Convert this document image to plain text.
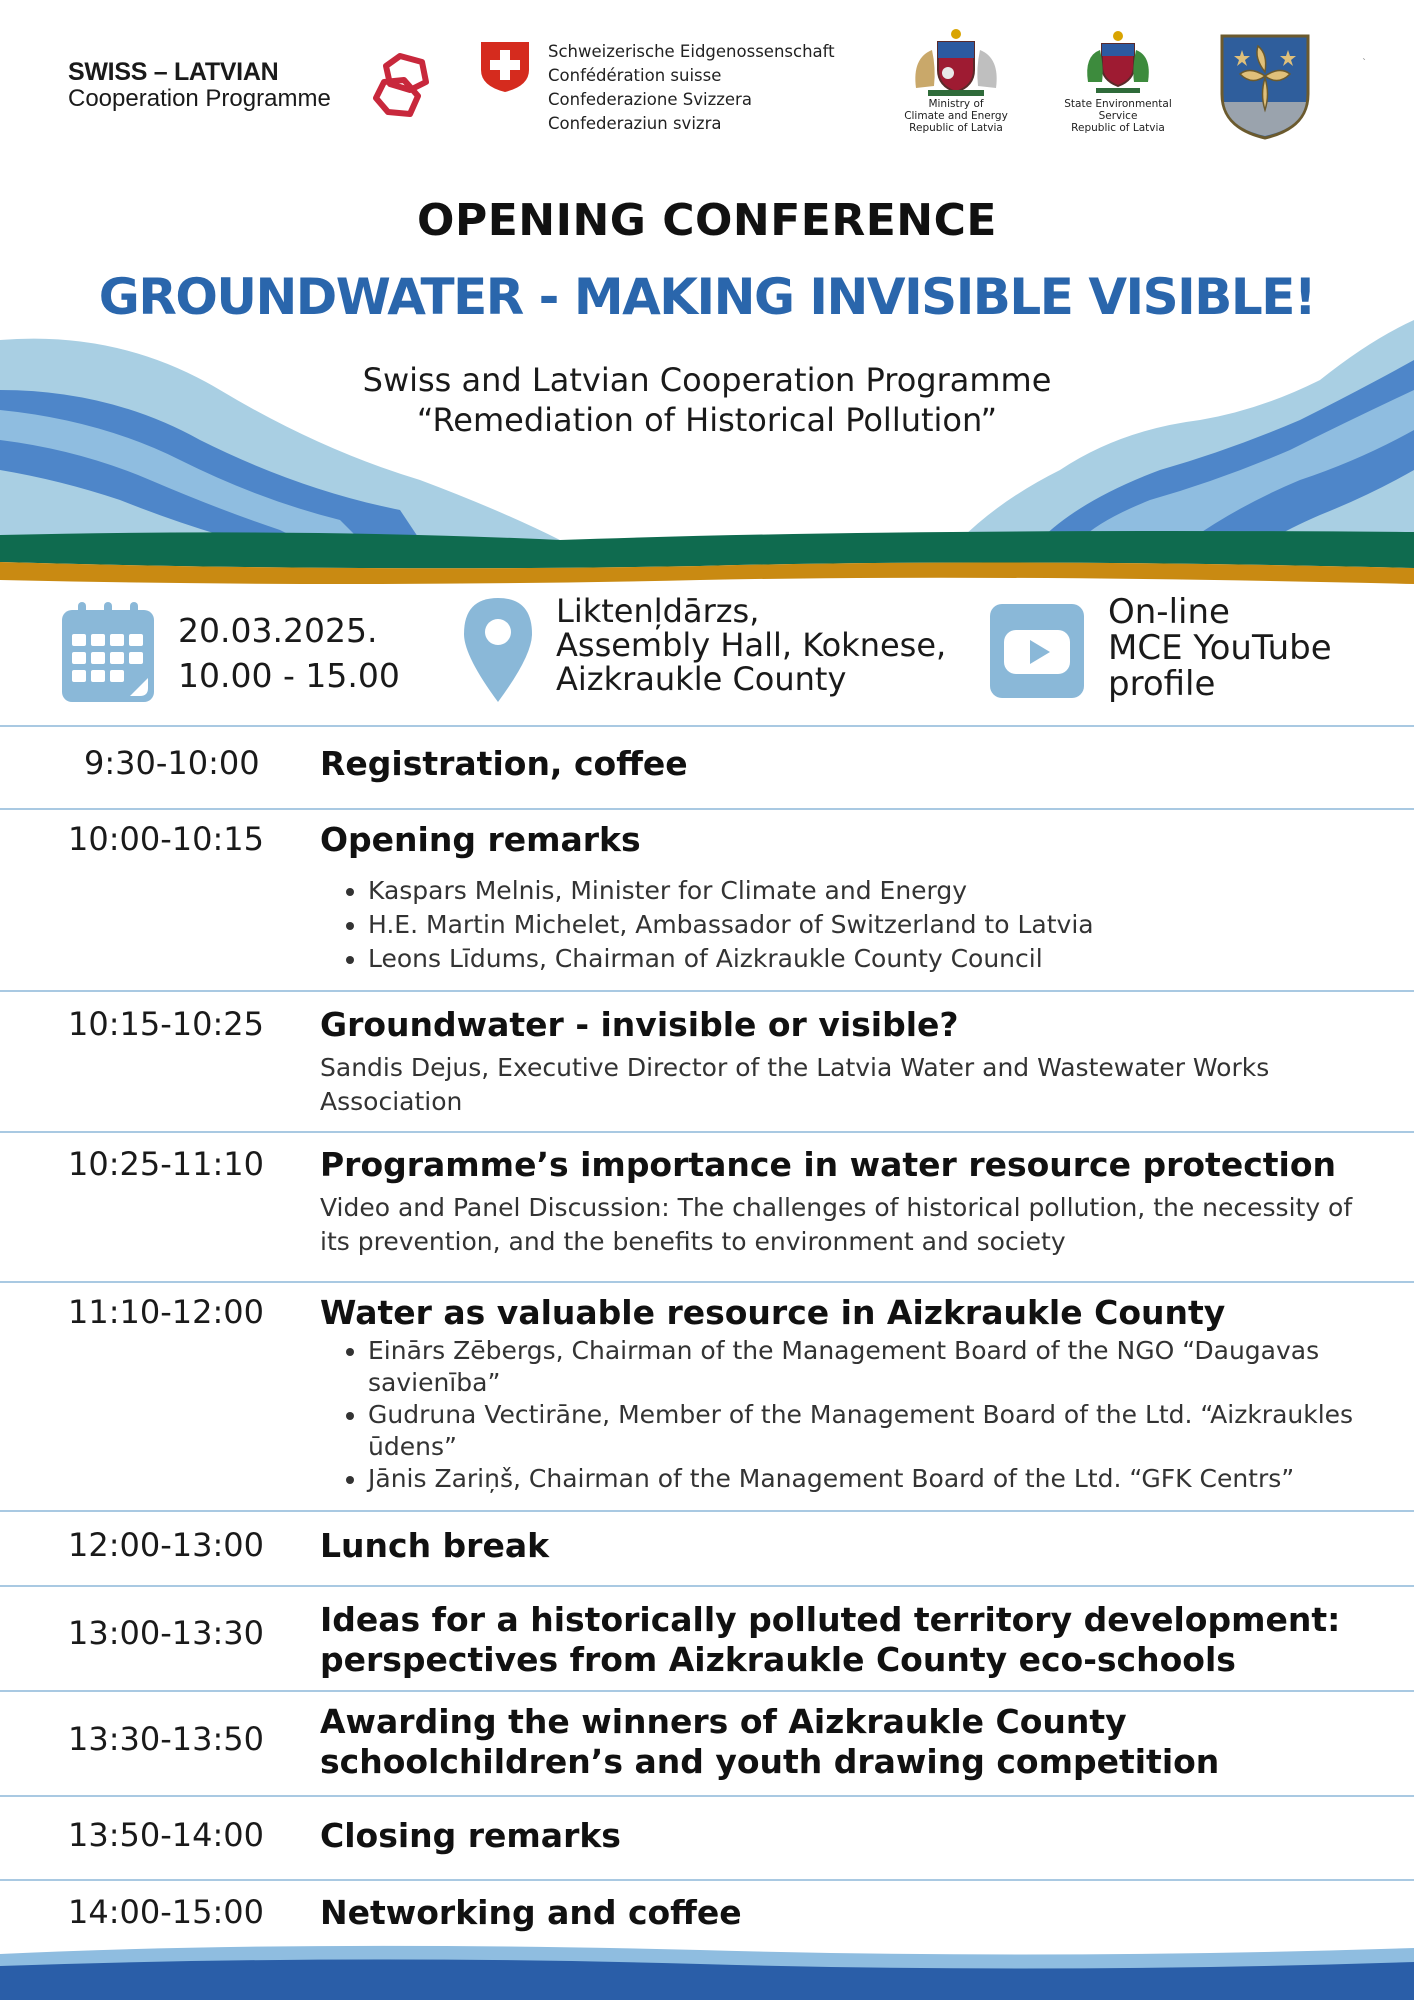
SWISS – LATVIAN
Cooperation Programme
Schweizerische Eidgenossenschaft
Confédération suisse
Confederazione Svizzera
Confederaziun svizra
Ministry of
Climate and Energy
Republic of Latvia
State Environmental
Service
Republic of Latvia
`
OPENING CONFERENCE
GROUNDWATER - MAKING INVISIBLE VISIBLE!
Swiss and Latvian Cooperation Programme
“Remediation of Historical Pollution”
20.03.2025.
10.00 - 15.00
Liktenļdārzs,
Assembly Hall, Koknese,
Aizkraukle County
On-line
MCE YouTube
profile
9:30-10:00	Registration, coffee
10:00-10:15 Opening remarks
• Kaspars Melnis, Minister for Climate and Energy
• H.E. Martin Michelet, Ambassador of Switzerland to Latvia
• Leons Līdums, Chairman of Aizkraukle County Council
10:15-10:25 Groundwater - invisible or visible?
Sandis Dejus, Executive Director of the Latvia Water and Wastewater Works Association
10:25-11:10 Programme’s importance in water resource protection
Video and Panel Discussion: The challenges of historical pollution, the necessity of its prevention, and the benefits to environment and society
11:10-12:00 Water as valuable resource in Aizkraukle County
• Einārs Zēbergs, Chairman of the Management Board of the NGO “Daugavas savienība”
• Gudruna Vectirāne, Member of the Management Board of the Ltd. “Aizkraukles ūdens”
• Jānis Zariņš, Chairman of the Management Board of the Ltd. “GFK Centrs”
12:00-13:00 Lunch break
13:00-13:30 Ideas for a historically polluted territory development: perspectives from Aizkraukle County eco-schools
13:30-13:50 Awarding the winners of Aizkraukle County schoolchildren’s and youth drawing competition
13:50-14:00 Closing remarks
14:00-15:00 Networking and coffee
